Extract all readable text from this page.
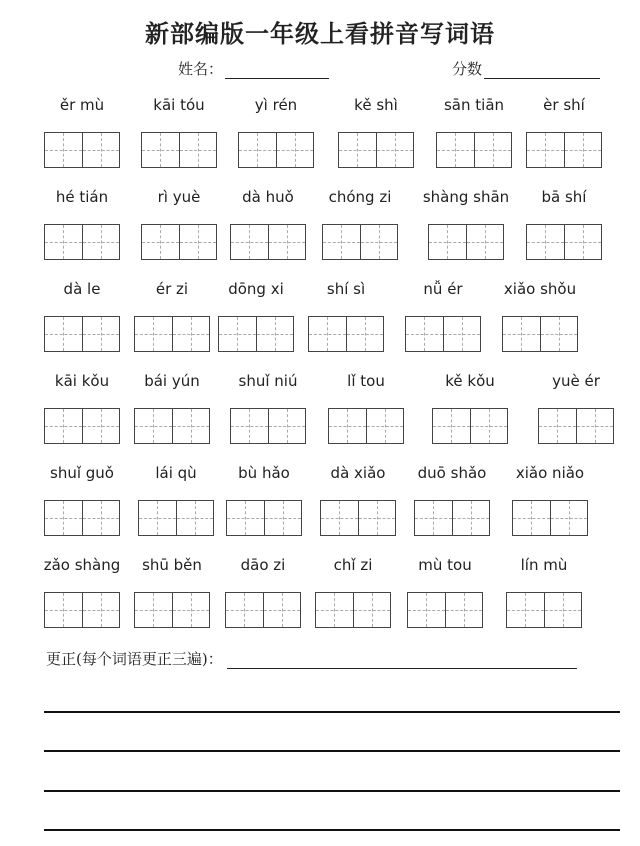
新部编版一年级上看拼音写词语
姓名：	分数
ěr mù	kāi tóu	yì rén	kě shì	sān tiān	èr shí
hé tián	rì yuè	dà huǒ	chóng zi	shàng shān	bā shí
dà le	ér zi	dōng xi	shí sì	nǚ ér	xiǎo shǒu
kāi kǒu	bái yún	shuǐ niú	lǐ tou	kě kǒu	yuè ér
shuǐ guǒ	lái qù	bù hǎo	dà xiǎo	duō shǎo	xiǎo niǎo
zǎo shàng	shū běn	dāo zi	chǐ zi	mù tou	lín mù
更正(每个词语更正三遍)：
